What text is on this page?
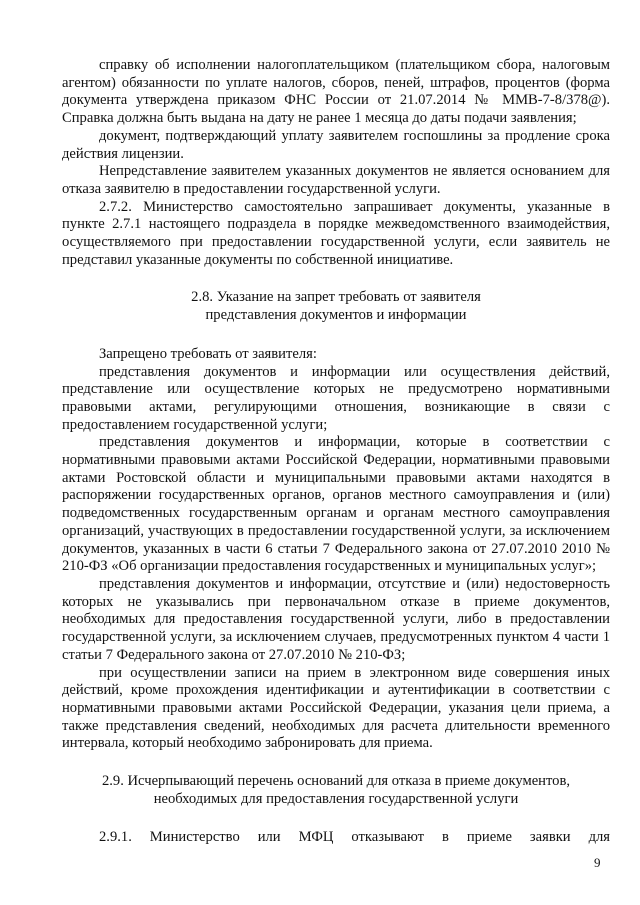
справку об исполнении налогоплательщиком (плательщиком сбора, налоговым агентом) обязанности по уплате налогов, сборов, пеней, штрафов, процентов (форма документа утверждена приказом ФНС России от 21.07.2014 № ММВ-7-8/378@). Справка должна быть выдана на дату не ранее 1 месяца до даты подачи заявления;

документ, подтверждающий уплату заявителем госпошлины за продление срока действия лицензии.

Непредставление заявителем указанных документов не является основанием для отказа заявителю в предоставлении государственной услуги.

2.7.2. Министерство самостоятельно запрашивает документы, указанные в пункте 2.7.1 настоящего подраздела в порядке межведомственного взаимодействия, осуществляемого при предоставлении государственной услуги, если заявитель не представил указанные документы по собственной инициативе.

2.8. Указание на запрет требовать от заявителя
представления документов и информации

Запрещено требовать от заявителя:

представления документов и информации или осуществления действий, представление или осуществление которых не предусмотрено нормативными правовыми актами, регулирующими отношения, возникающие в связи с предоставлением государственной услуги;

представления документов и информации, которые в соответствии с нормативными правовыми актами Российской Федерации, нормативными правовыми актами Ростовской области и муниципальными правовыми актами находятся в распоряжении государственных органов, органов местного самоуправления и (или) подведомственных государственным органам и органам местного самоуправления организаций, участвующих в предоставлении государственной услуги, за исключением документов, указанных в части 6 статьи 7 Федерального закона от 27.07.2010 2010 № 210-ФЗ «Об организации предоставления государственных и муниципальных услуг»;

представления документов и информации, отсутствие и (или) недостоверность которых не указывались при первоначальном отказе в приеме документов, необходимых для предоставления государственной услуги, либо в предоставлении государственной услуги, за исключением случаев, предусмотренных пунктом 4 части 1 статьи 7 Федерального закона от 27.07.2010 № 210-ФЗ;

при осуществлении записи на прием в электронном виде совершения иных действий, кроме прохождения идентификации и аутентификации в соответствии с нормативными правовыми актами Российской Федерации, указания цели приема, а также представления сведений, необходимых для расчета длительности временного интервала, который необходимо забронировать для приема.

2.9. Исчерпывающий перечень оснований для отказа в приеме документов,
необходимых для предоставления государственной услуги

2.9.1. Министерство или МФЦ отказывают в приеме заявки для

9
